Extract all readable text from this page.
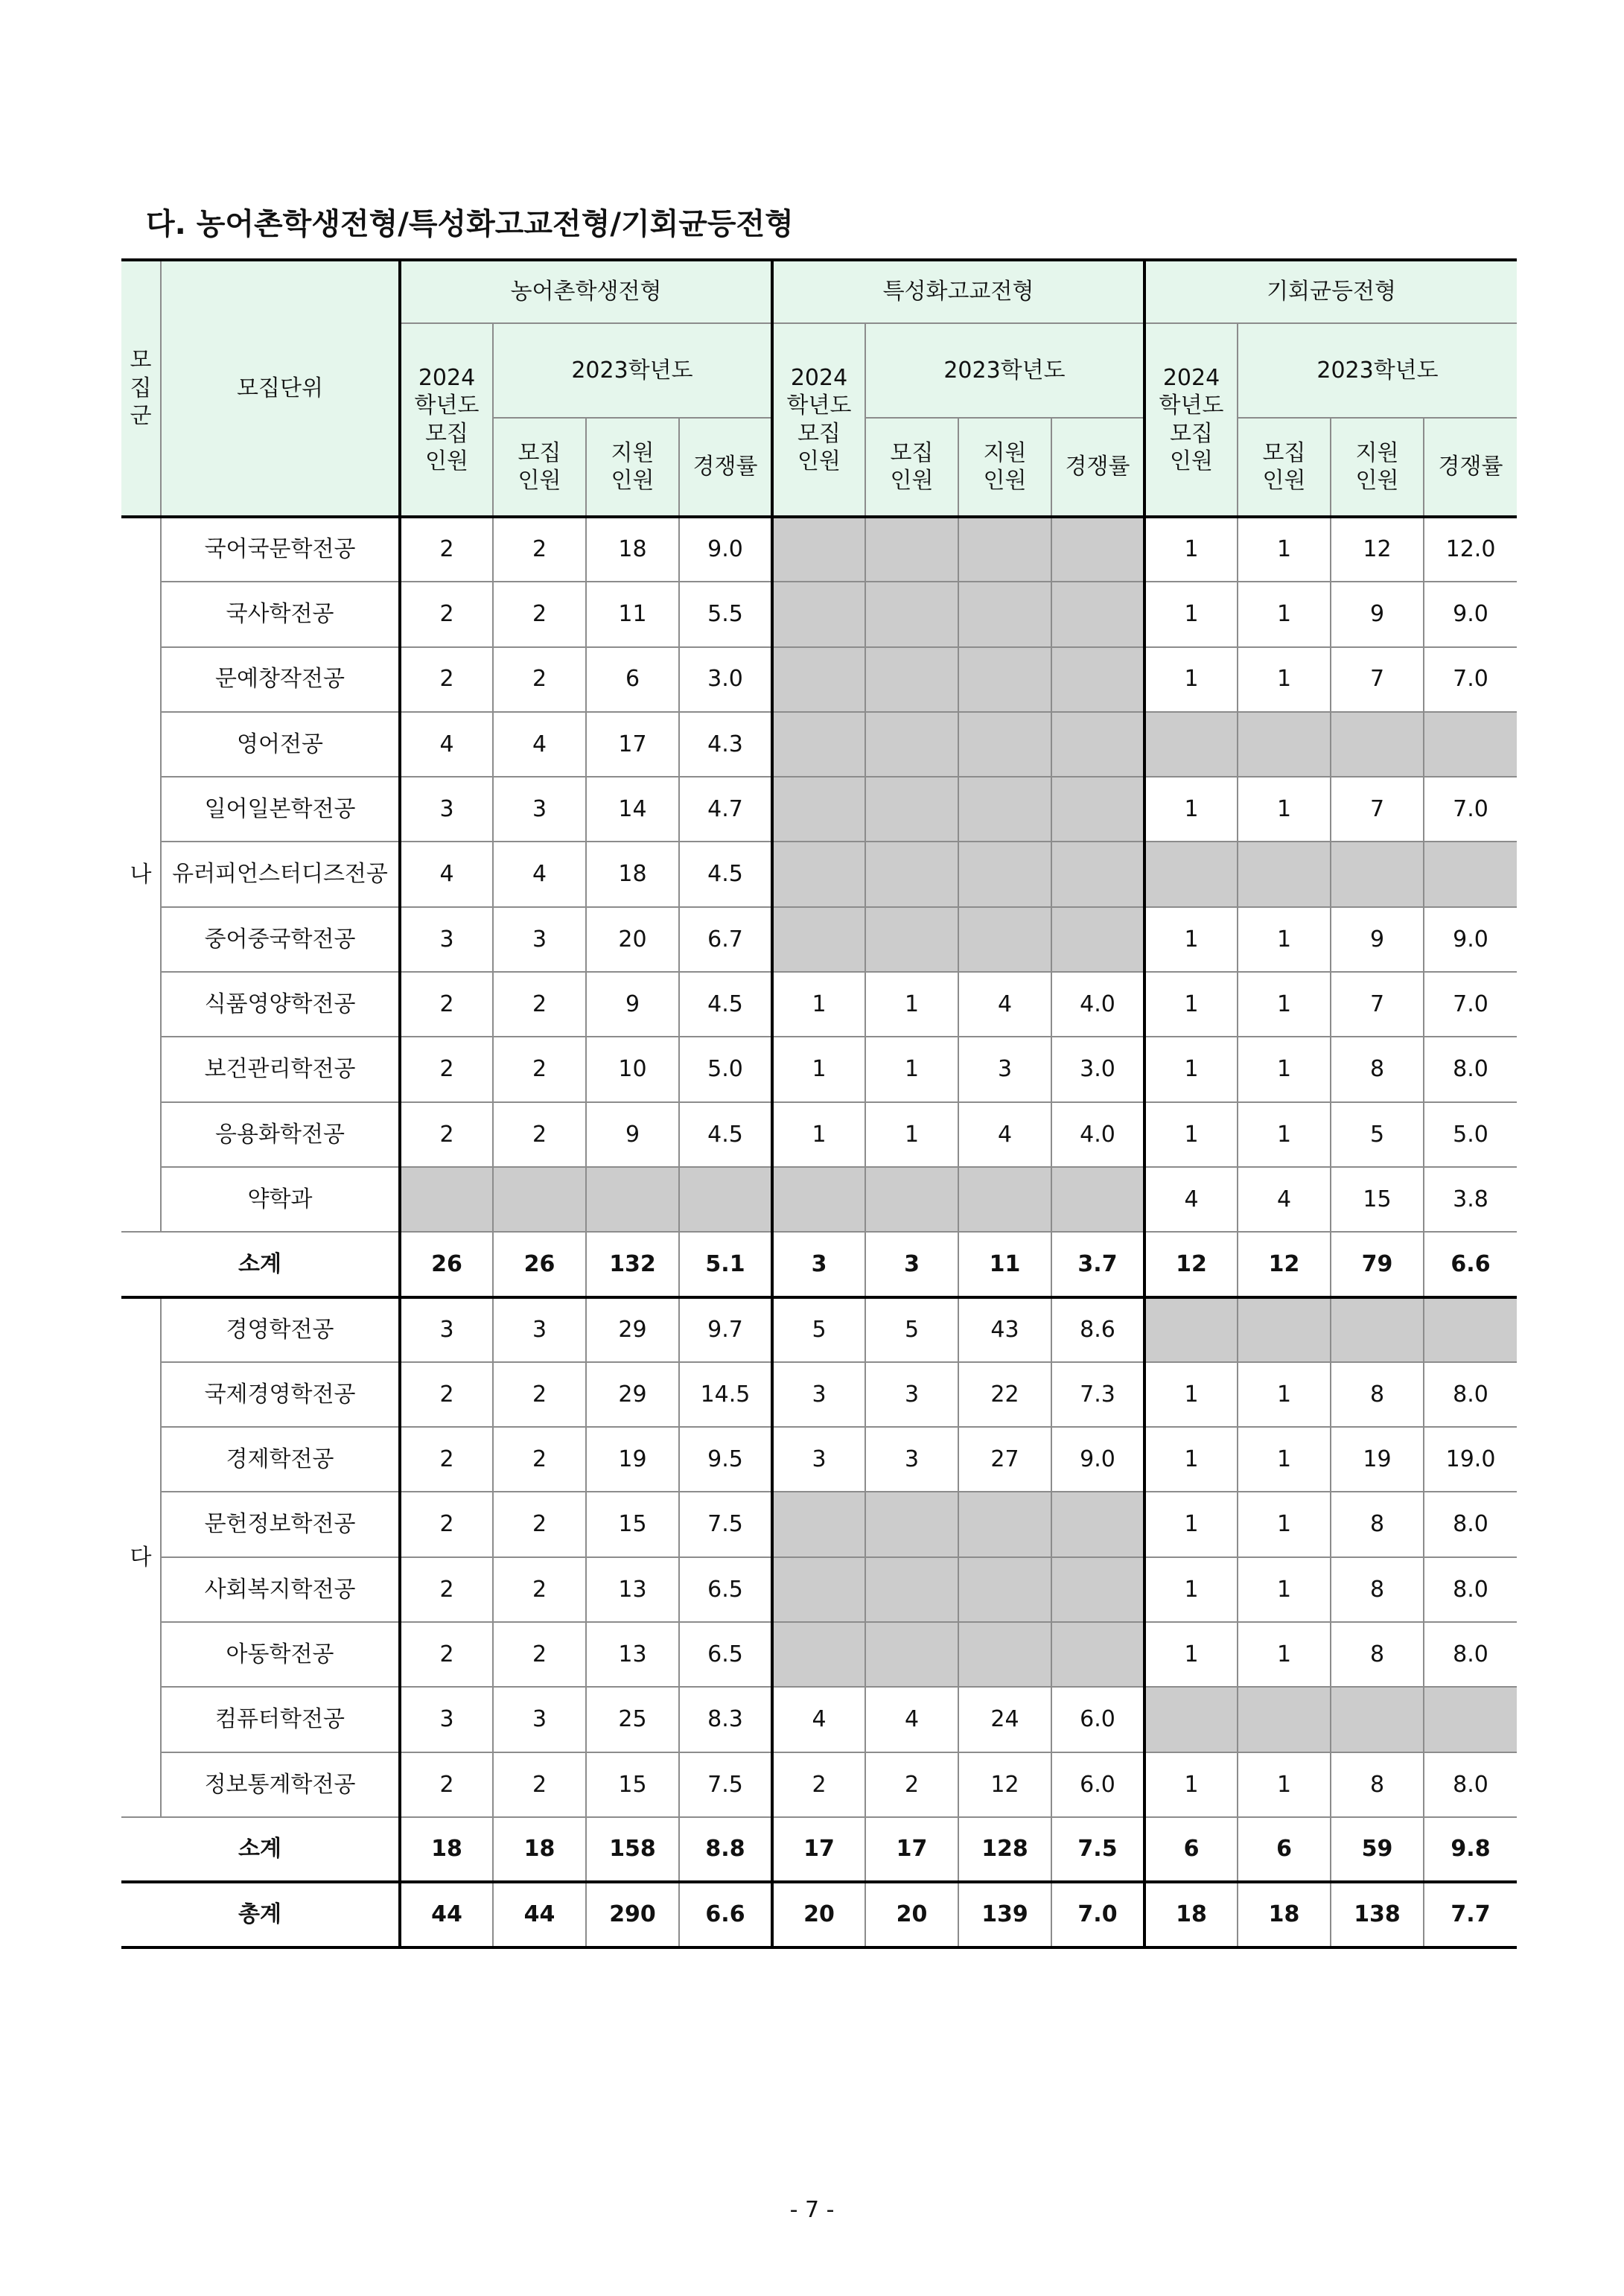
다. 농어촌학생전형/특성화고교전형/기회균등전형
모집군	모집단위	농어촌학생전형				특성화고교전형				기회균등전형			
		2024
학년도
모집
인원	2023학년도			2024
학년도
모집
인원	2023학년도			2024
학년도
모집
인원	2023학년도		
			모집
인원	지원
인원	경쟁률		모집
인원	지원
인원	경쟁률		모집
인원	지원
인원	경쟁률
나	국어국문학전공	2	2	18	9.0					1	1	12	12.0
	국사학전공	2	2	11	5.5					1	1	9	9.0
	문예창작전공	2	2	6	3.0					1	1	7	7.0
	영어전공	4	4	17	4.3								
	일어일본학전공	3	3	14	4.7					1	1	7	7.0
	유러피언스터디즈전공	4	4	18	4.5								
	중어중국학전공	3	3	20	6.7					1	1	9	9.0
	식품영양학전공	2	2	9	4.5	1	1	4	4.0	1	1	7	7.0
	보건관리학전공	2	2	10	5.0	1	1	3	3.0	1	1	8	8.0
	응용화학전공	2	2	9	4.5	1	1	4	4.0	1	1	5	5.0
	약학과									4	4	15	3.8
소계		26	26	132	5.1	3	3	11	3.7	12	12	79	6.6
다	경영학전공	3	3	29	9.7	5	5	43	8.6				
	국제경영학전공	2	2	29	14.5	3	3	22	7.3	1	1	8	8.0
	경제학전공	2	2	19	9.5	3	3	27	9.0	1	1	19	19.0
	문헌정보학전공	2	2	15	7.5					1	1	8	8.0
	사회복지학전공	2	2	13	6.5					1	1	8	8.0
	아동학전공	2	2	13	6.5					1	1	8	8.0
	컴퓨터학전공	3	3	25	8.3	4	4	24	6.0				
	정보통계학전공	2	2	15	7.5	2	2	12	6.0	1	1	8	8.0
소계		18	18	158	8.8	17	17	128	7.5	6	6	59	9.8
총계		44	44	290	6.6	20	20	139	7.0	18	18	138	7.7
- 7 -
